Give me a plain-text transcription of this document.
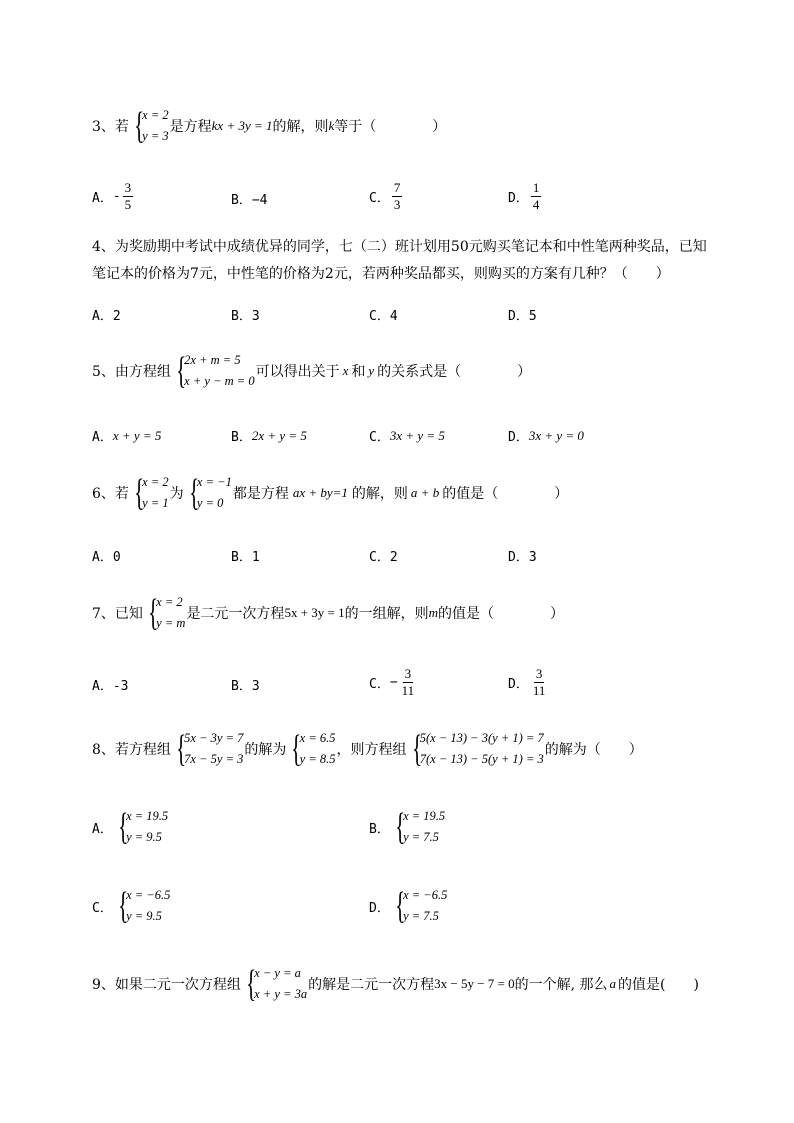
3、若 {
x = 2
y = 3
是方程 kx + 3y = 1 的解，则 k 等于（　　　　）
A． - $\frac{3}{5}$	B．−4	C． $\frac{7}{3}$	D． $\frac{1}{4}$
4、为奖励期中考试中成绩优异的同学，七（二）班计划用50元购买笔记本和中性笔两种奖品，已知
笔记本的价格为7元，中性笔的价格为2元，若两种奖品都买，则购买的方案有几种？（　　）
A．2	B．3	C．4	D．5
5、由方程组 {
2x + m = 5
x + y − m = 0
可以得出关于 x 和 y 的关系式是（　　　　）
A． x + y = 5	B． 2x + y = 5	C． 3x + y = 5	D． 3x + y = 0
6、若 {
x = 2
y = 1
为 {
x = −1
y = 0
都是方程 ax + by=1 的解，则 a + b 的值是（　　　　）
A．0	B．1	C．2	D．3
7、已知 {
x = 2
y = m
是二元一次方程 5x + 3y = 1 的一组解，则 m 的值是（　　　　）
A．-3	B．3	C． − $\frac{3}{11}$	D． $\frac{3}{11}$
8、若方程组 {
5x − 3y = 7
7x − 5y = 3
的解为 {
x = 6.5
y = 8.5
，则方程组 {
5(x − 13) − 3(y + 1) = 7
7(x − 13) − 5(y + 1) = 3
的解为（　　）
A． {
x = 19.5
y = 9.5
B． {
x = 19.5
y = 7.5
C． {
x = −6.5
y = 9.5
D． {
x = −6.5
y = 7.5
9、如果二元一次方程组 {
x − y = a
x + y = 3a
的解是二元一次方程 3x − 5y − 7 = 0 的一个解, 那么 a 的值是(　　)
